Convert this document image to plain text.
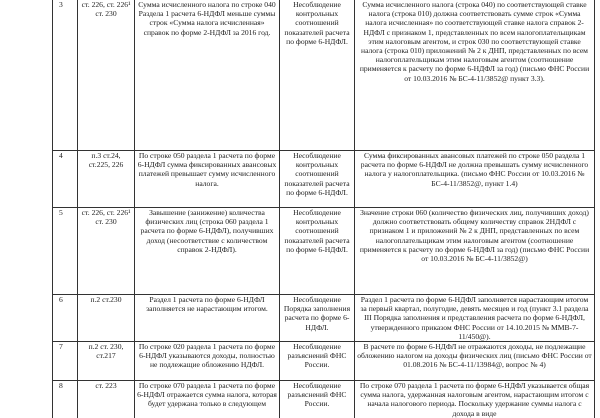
3	ст. 226, ст. 226¹ ст. 230	Сумма исчисленного налога по строке 040 Раздела 1 расчета 6-НДФЛ меньше суммы строк «Сумма налога исчисленная» справок по форме 2-НДФЛ за 2016 год.	Несоблюдение контрольных соотношений показателей расчета по форме 6-НДФЛ.	Сумма исчисленного налога (строка 040) по соответствующей ставке налога (строка 010) должна соответствовать сумме строк «Сумма налога исчисленная» по соответствующей ставке налога справок 2-НДФЛ с признаком 1, представленных по всем налогоплательщикам этим налоговым агентом, и строк 030 по соответствующей ставке налога (строка 010) приложений № 2 к ДНП, представленных по всем налогоплательщикам этим налоговым агентом (соотношение применяется к расчету по форме 6-НДФЛ за год) (письмо ФНС России от 10.03.2016 № БС-4-11/3852@ пункт 3.3).
4	п.3 ст.24, ст.225, 226	По строке 050 раздела 1 расчета по форме 6-НДФЛ сумма фиксированных авансовых платежей превышает сумму исчисленного налога.	Несоблюдение контрольных соотношений показателей расчета по форме 6-НДФЛ.	Сумма фиксированных авансовых платежей по строке 050 раздела 1 расчета по форме 6-НДФЛ не должна превышать сумму исчисленного налога у налогоплательщика. (письмо ФНС России от 10.03.2016 № БС-4-11/3852@, пункт 1.4)
5	ст. 226, ст. 226¹ ст. 230	Завышение (занижение) количества физических лиц (строка 060 раздела 1 расчета по форме 6-НДФЛ), получивших доход (несоответствие с количеством справок 2-НДФЛ).	Несоблюдение контрольных соотношений показателей расчета по форме 6-НДФЛ.	Значение строки 060 (количество физических лиц, получивших доход) должно соответствовать общему количеству справок 2НДФЛ с признаком 1 и приложений № 2 к ДНП, представленных по всем налогоплательщикам этим налоговым агентом (соотношение применяется к расчету по форме 6-НДФЛ за год) (письмо ФНС России от 10.03.2016 № БС-4-11/3852@)
6	п.2 ст.230	Раздел 1 расчета по форме 6-НДФЛ заполняется не нарастающим итогом.	Несоблюдение Порядка заполнения расчета по форме 6-НДФЛ.	Раздел 1 расчета по форме 6-НДФЛ заполняется нарастающим итогом за первый квартал, полугодие, девять месяцев и год (пункт 3.1 раздела III Порядка заполнения и представления расчета по форме 6-НДФЛ, утвержденного приказом ФНС России от 14.10.2015 № ММВ-7-11/450@).
7	п.2 ст. 230, ст.217	По строке 020 раздела 1 расчета по форме 6-НДФЛ указываются доходы, полностью не подлежащие обложению НДФЛ.	Несоблюдение разъяснений ФНС России.	В расчете по форме 6-НДФЛ не отражаются доходы, не подлежащие обложению налогом на доходы физических лиц (письмо ФНС России от 01.08.2016 № БС-4-11/13984@, вопрос № 4)
8	ст. 223	По строке 070 раздела 1 расчета по форме 6-НДФЛ отражается сумма налога, которая будет удержана только в следующем	Несоблюдение разъяснений ФНС России.	По строке 070 раздела 1 расчета по форме 6-НДФЛ указывается общая сумма налога, удержанная налоговым агентом, нарастающим итогом с начала налогового периода. Поскольку удержание суммы налога с дохода в виде
